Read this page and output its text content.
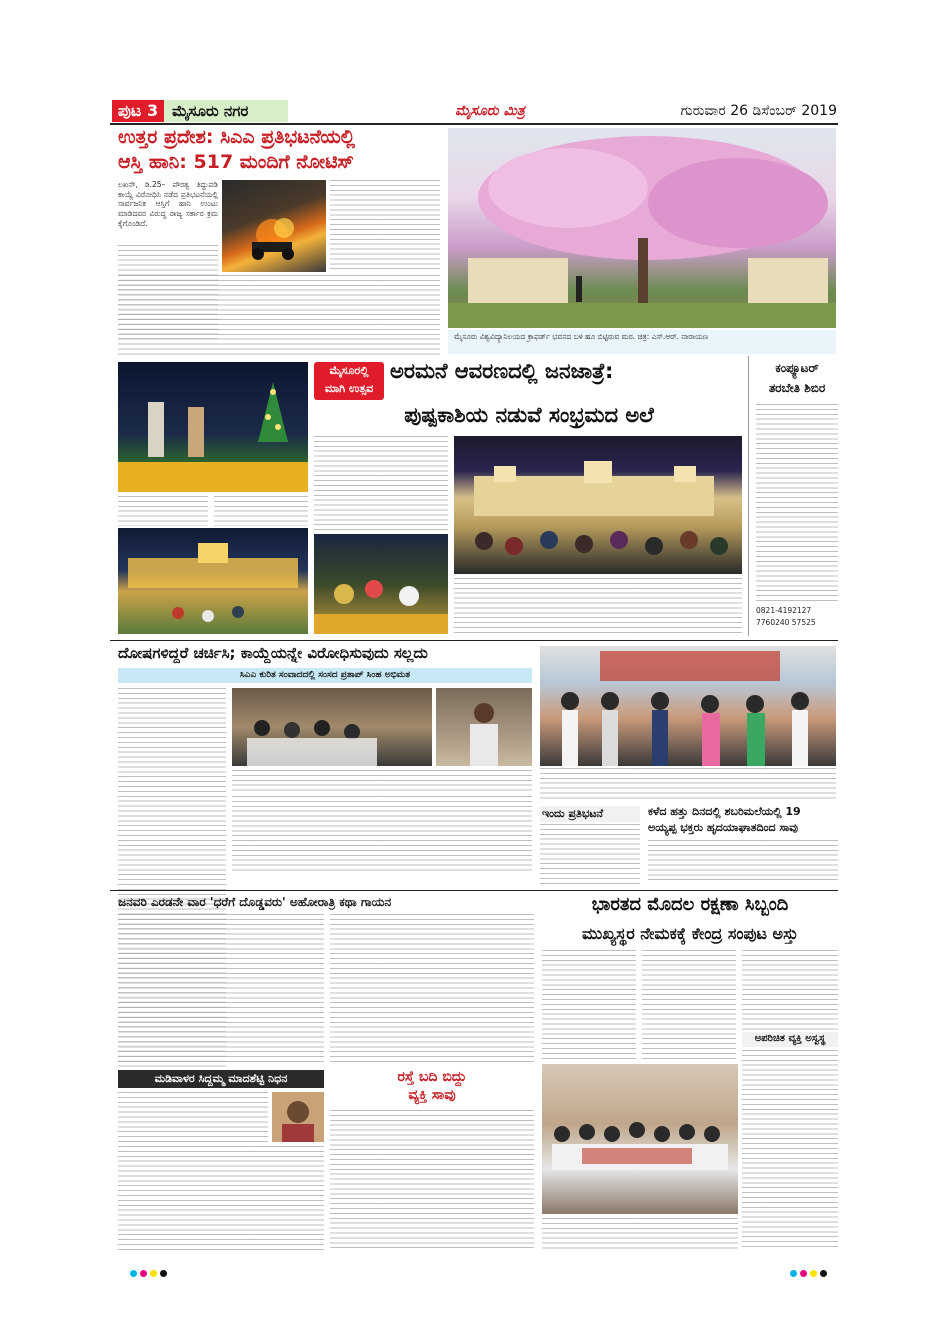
ಪುಟ 3 ಮೈಸೂರು ನಗರ	ಮೈಸೂರು ಮಿತ್ರ	ಗುರುವಾರ 26 ಡಿಸೆಂಬರ್ 2019
ಉತ್ತರ ಪ್ರದೇಶ: ಸಿಎಎ ಪ್ರತಿಭಟನೆಯಲ್ಲಿ
ಆಸ್ತಿ ಹಾನಿ: 517 ಮಂದಿಗೆ ನೋಟಿಸ್
ಲಖನೌ, ಡಿ.25– ಪೌರತ್ವ ತಿದ್ದುಪಡಿ ಕಾಯ್ದೆ ವಿರೋಧಿಸಿ ನಡೆದ ಪ್ರತಿಭಟನೆಯಲ್ಲಿ ಸಾರ್ವಜನಿಕ ಆಸ್ತಿಗೆ ಹಾನಿ ಉಂಟು ಮಾಡಿದವರ ವಿರುದ್ಧ ರಾಜ್ಯ ಸರ್ಕಾರ ಕ್ರಮ ಕೈಗೊಂಡಿದೆ.
ಮೈಸೂರು ವಿಶ್ವವಿದ್ಯಾನಿಲಯದ ಕ್ರಾಫರ್ಡ್ ಭವನದ ಬಳಿ ಹೂ ಬಿಟ್ಟಿರುವ ಮರ. ಚಿತ್ರ: ಎಸ್.ಆರ್. ನಾರಾಯಣ
ಮೈಸೂರಲ್ಲಿ
ಮಾಗಿ ಉತ್ಸವ
ಅರಮನೆ ಆವರಣದಲ್ಲಿ ಜನಜಾತ್ರೆ:
ಪುಷ್ಪಕಾಶಿಯ ನಡುವೆ ಸಂಭ್ರಮದ ಅಲೆ
ಕಂಪ್ಯೂಟರ್
ತರಬೇತಿ ಶಿಬಿರ
0821-4192127
7760240 57525
ದೋಷಗಳಿದ್ದರೆ ಚರ್ಚಿಸಿ; ಕಾಯ್ದೆಯನ್ನೇ ವಿರೋಧಿಸುವುದು ಸಲ್ಲದು
ಸಿಎಎ ಕುರಿತ ಸಂವಾದದಲ್ಲಿ ಸಂಸದ ಪ್ರತಾಪ್ ಸಿಂಹ ಅಭಿಮತ
ಇಂದು ಪ್ರತಿಭಟನೆ	ಕಳೆದ ಹತ್ತು ದಿನದಲ್ಲಿ ಶಬರಿಮಲೆಯಲ್ಲಿ 19
ಅಯ್ಯಪ್ಪ ಭಕ್ತರು ಹೃದಯಾಘಾತದಿಂದ ಸಾವು
ಜನವರಿ ಎರಡನೇ ವಾರ 'ಧರೆಗೆ ದೊಡ್ಡವರು' ಅಹೋರಾತ್ರಿ ಕಥಾ ಗಾಯನ
ಮಡಿವಾಳರ ಸಿದ್ದಮ್ಮ ಮಾದಶೆಟ್ಟಿ ನಿಧನ	ರಸ್ತೆ ಬದಿ ಬಿದ್ದು
ವ್ಯಕ್ತಿ ಸಾವು
ಭಾರತದ ಮೊದಲ ರಕ್ಷಣಾ ಸಿಬ್ಬಂದಿ
ಮುಖ್ಯಸ್ಥರ ನೇಮಕಕ್ಕೆ ಕೇಂದ್ರ ಸಂಪುಟ ಅಸ್ತು
ಅಪರಿಚಿತ ವ್ಯಕ್ತಿ ಅಸ್ವಸ್ಥ
